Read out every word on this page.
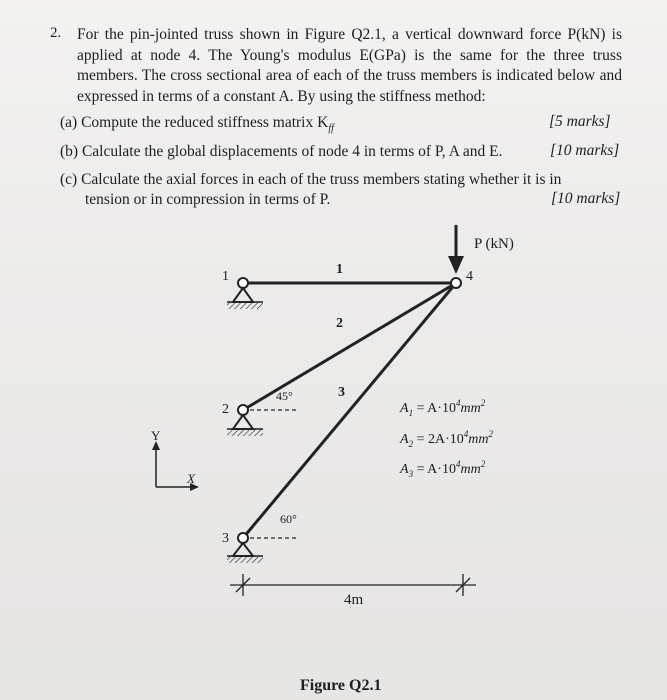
2. For the pin-jointed truss shown in Figure Q2.1, a vertical downward force P(kN) is applied at node 4. The Young's modulus E(GPa) is the same for the three truss members. The cross sectional area of each of the truss members is indicated below and expressed in terms of a constant A. By using the stiffness method:
(a) Compute the reduced stiffness matrix $K_{ff}$	[5 marks]
(b) Calculate the global displacements of node 4 in terms of P, A and E.	[10 marks]
(c) Calculate the axial forces in each of the truss members stating whether it is in
tension or in compression in terms of P.	[10 marks]
P (kN)
1
2
3
4
1
2
3
45°
60°
4m
Y
X
$A_1 = A\cdot 10^4mm^2$
$A_2 = 2A\cdot 10^4mm^2$
$A_3 = A\cdot 10^4mm^2$
Figure Q2.1
